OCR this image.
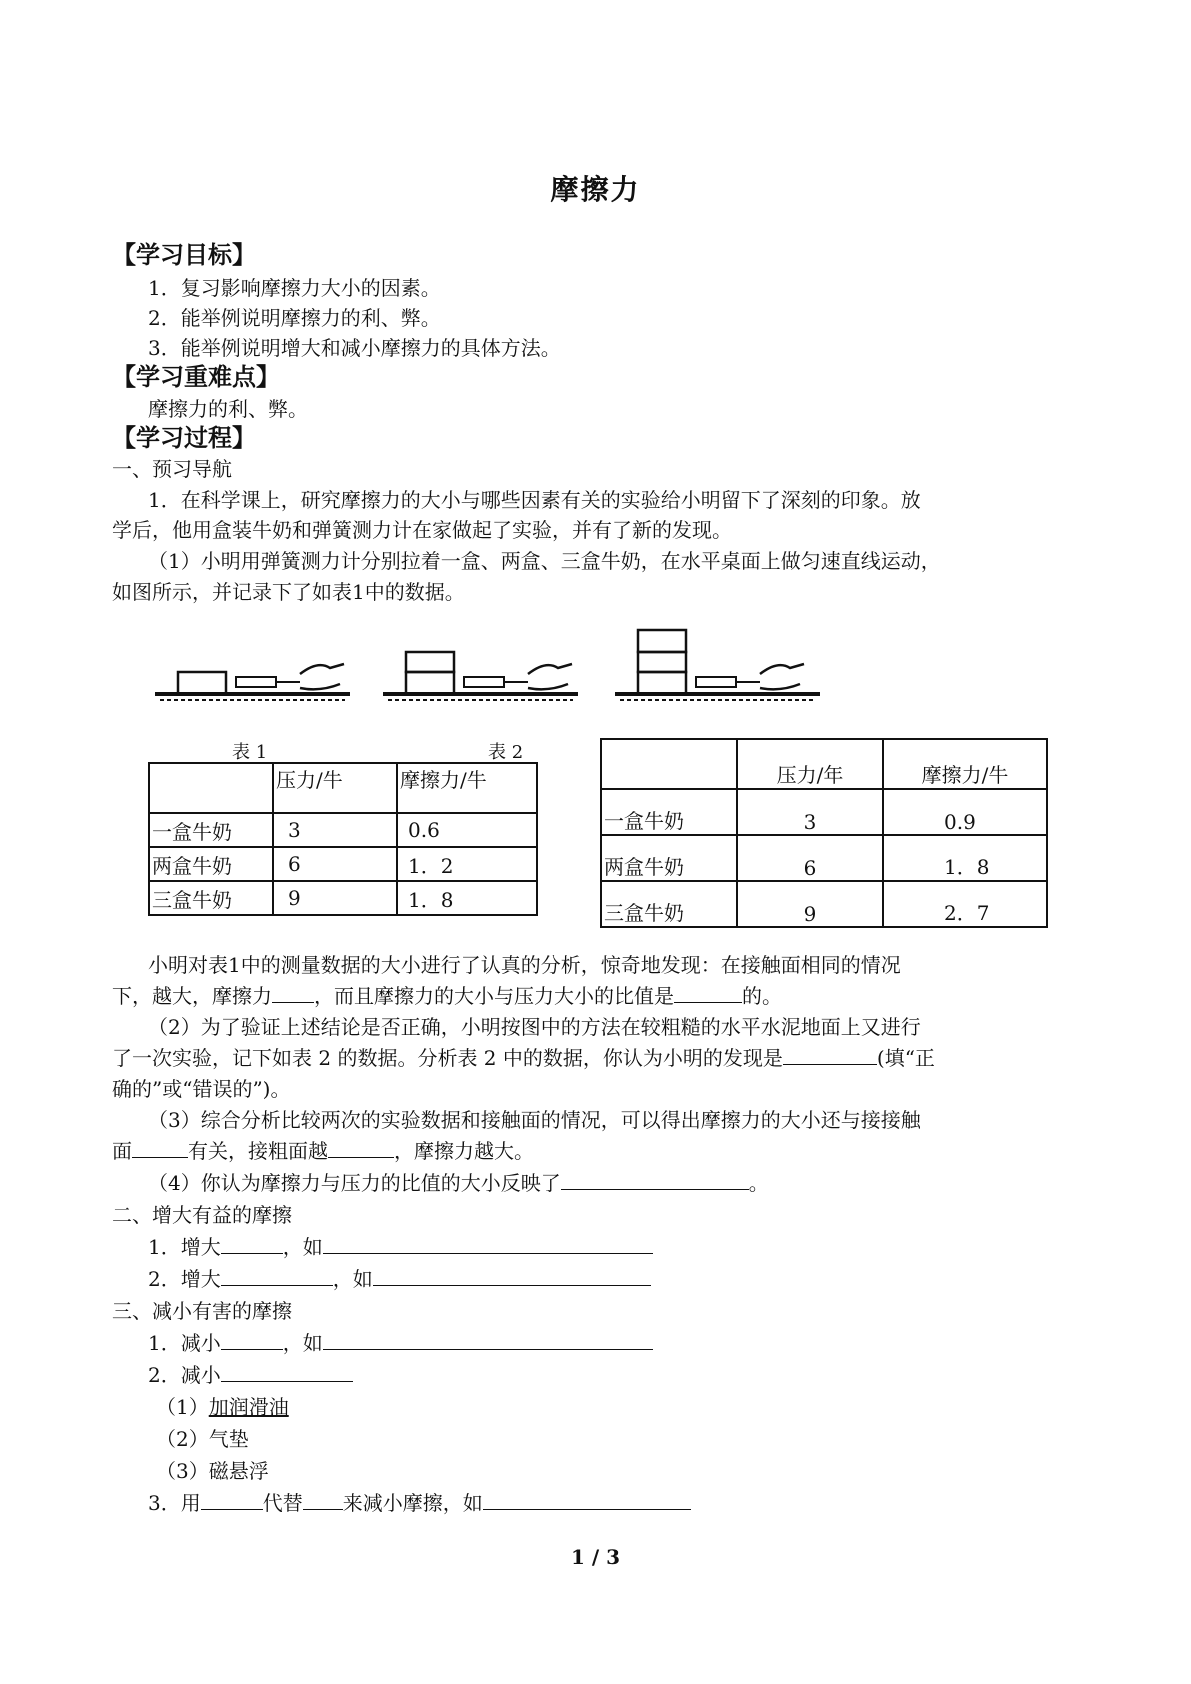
摩擦力
【学习目标】
1．复习影响摩擦力大小的因素。
2．能举例说明摩擦力的利、弊。
3．能举例说明增大和减小摩擦力的具体方法。
【学习重难点】
摩擦力的利、弊。
【学习过程】
一、预习导航
1．在科学课上，研究摩擦力的大小与哪些因素有关的实验给小明留下了深刻的印象。放
学后，他用盒装牛奶和弹簧测力计在家做起了实验，并有了新的发现。
（1）小明用弹簧测力计分别拉着一盒、两盒、三盒牛奶，在水平桌面上做匀速直线运动，
如图所示，并记录下了如表1中的数据。
表 1	表 2
	压力/牛	摩擦力/牛
一盒牛奶	3	0.6
两盒牛奶	6	1．2
三盒牛奶	9	1．8
	压力/年	摩擦力/牛
一盒牛奶	3	0.9
两盒牛奶	6	1．8
三盒牛奶	9	2．7
小明对表1中的测量数据的大小进行了认真的分析，惊奇地发现：在接触面相同的情况
下，越大，摩擦力 ，而且摩擦力的大小与压力大小的比值是	的。
（2）为了验证上述结论是否正确，小明按图中的方法在较粗糙的水平水泥地面上又进行
了一次实验，记下如表 2 的数据。分析表 2 中的数据，你认为小明的发现是	(填“正
确的”或“错误的”)。
（3）综合分析比较两次的实验数据和接触面的情况，可以得出摩擦力的大小还与接接触
面	有关，接粗面越	，摩擦力越大。
（4）你认为摩擦力与压力的比值的大小反映了	。
二、增大有益的摩擦
1．增大	，如
2．增大	，如
三、减小有害的摩擦
1．减小	，如
2．减小
（1）加润滑油
（2）气垫
（3）磁悬浮
3．用	代替 来减小摩擦，如
1 / 3
